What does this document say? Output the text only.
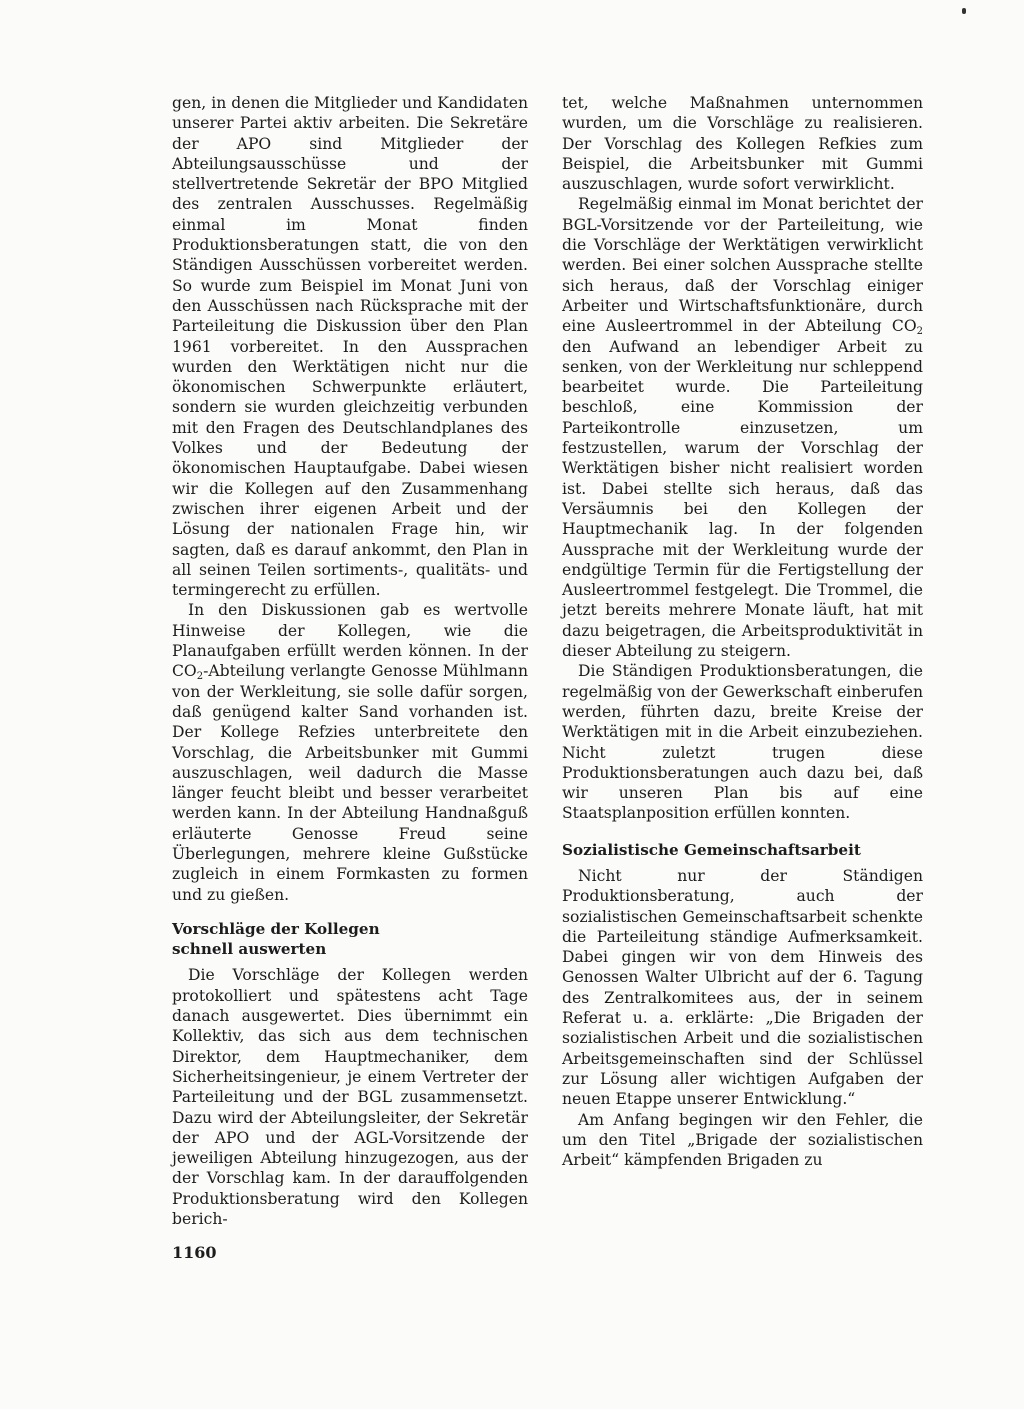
gen, in denen die Mitglieder und Kandidaten unserer Partei aktiv arbeiten. Die Sekretäre der APO sind Mitglieder der Abteilungsausschüsse und der stellvertretende Sekretär der BPO Mitglied des zentralen Ausschusses. Regelmäßig einmal im Monat finden Produktionsberatungen statt, die von den Ständigen Ausschüssen vorbereitet werden. So wurde zum Beispiel im Monat Juni von den Ausschüssen nach Rücksprache mit der Parteileitung die Diskussion über den Plan 1961 vorbereitet. In den Aussprachen wurden den Werktätigen nicht nur die ökonomischen Schwerpunkte erläutert, sondern sie wurden gleichzeitig verbunden mit den Fragen des Deutschlandplanes des Volkes und der Bedeutung der ökonomischen Hauptaufgabe. Dabei wiesen wir die Kollegen auf den Zusammenhang zwischen ihrer eigenen Arbeit und der Lösung der nationalen Frage hin, wir sagten, daß es darauf ankommt, den Plan in all seinen Teilen sortiments-, qualitäts- und termingerecht zu erfüllen.

In den Diskussionen gab es wertvolle Hinweise der Kollegen, wie die Planaufgaben erfüllt werden können. In der $CO_2$-Abteilung verlangte Genosse Mühlmann von der Werkleitung, sie solle dafür sorgen, daß genügend kalter Sand vorhanden ist. Der Kollege Refzies unterbreitete den Vorschlag, die Arbeitsbunker mit Gummi auszuschlagen, weil dadurch die Masse länger feucht bleibt und besser verarbeitet werden kann. In der Abteilung Handnaßguß erläuterte Genosse Freud seine Überlegungen, mehrere kleine Gußstücke zugleich in einem Formkasten zu formen und zu gießen.

Vorschläge der Kollegen
schnell auswerten

Die Vorschläge der Kollegen werden protokolliert und spätestens acht Tage danach ausgewertet. Dies übernimmt ein Kollektiv, das sich aus dem technischen Direktor, dem Hauptmechaniker, dem Sicherheitsingenieur, je einem Vertreter der Parteileitung und der BGL zusammensetzt. Dazu wird der Abteilungsleiter, der Sekretär der APO und der AGL-Vorsitzende der jeweiligen Abteilung hinzugezogen, aus der der Vorschlag kam. In der darauffolgenden Produktionsberatung wird den Kollegen berich-

tet, welche Maßnahmen unternommen wurden, um die Vorschläge zu realisieren. Der Vorschlag des Kollegen Refkies zum Beispiel, die Arbeitsbunker mit Gummi auszuschlagen, wurde sofort verwirklicht.

Regelmäßig einmal im Monat berichtet der BGL-Vorsitzende vor der Parteileitung, wie die Vorschläge der Werktätigen verwirklicht werden. Bei einer solchen Aussprache stellte sich heraus, daß der Vorschlag einiger Arbeiter und Wirtschaftsfunktionäre, durch eine Ausleertrommel in der Abteilung $CO_2$ den Aufwand an lebendiger Arbeit zu senken, von der Werkleitung nur schleppend bearbeitet wurde. Die Parteileitung beschloß, eine Kommission der Parteikontrolle einzusetzen, um festzustellen, warum der Vorschlag der Werktätigen bisher nicht realisiert worden ist. Dabei stellte sich heraus, daß das Versäumnis bei den Kollegen der Hauptmechanik lag. In der folgenden Aussprache mit der Werkleitung wurde der endgültige Termin für die Fertigstellung der Ausleertrommel festgelegt. Die Trommel, die jetzt bereits mehrere Monate läuft, hat mit dazu beigetragen, die Arbeitsproduktivität in dieser Abteilung zu steigern.

Die Ständigen Produktionsberatungen, die regelmäßig von der Gewerkschaft einberufen werden, führten dazu, breite Kreise der Werktätigen mit in die Arbeit einzubeziehen. Nicht zuletzt trugen diese Produktionsberatungen auch dazu bei, daß wir unseren Plan bis auf eine Staatsplanposition erfüllen konnten.

Sozialistische Gemeinschaftsarbeit

Nicht nur der Ständigen Produktionsberatung, auch der sozialistischen Gemeinschaftsarbeit schenkte die Parteileitung ständige Aufmerksamkeit. Dabei gingen wir von dem Hinweis des Genossen Walter Ulbricht auf der 6. Tagung des Zentralkomitees aus, der in seinem Referat u. a. erklärte: „Die Brigaden der sozialistischen Arbeit und die sozialistischen Arbeitsgemeinschaften sind der Schlüssel zur Lösung aller wichtigen Aufgaben der neuen Etappe unserer Entwicklung.“

Am Anfang begingen wir den Fehler, die um den Titel „Brigade der sozialistischen Arbeit“ kämpfenden Brigaden zu

1160
